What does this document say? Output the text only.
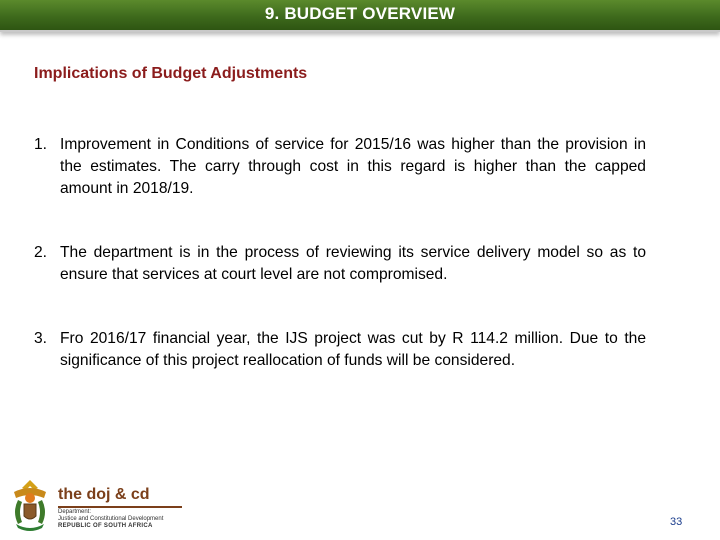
9. BUDGET OVERVIEW
Implications of Budget Adjustments
1. Improvement in Conditions of service for 2015/16 was higher than the provision in the estimates. The carry through cost in this regard is higher than the capped amount in 2018/19.
2. The department is in the process of reviewing its service delivery model so as to ensure that services at court level are not compromised.
3. Fro 2016/17 financial year, the IJS project was cut by R 114.2 million. Due to the significance of this project reallocation of funds will be considered.
the doj & cd
Department:
Justice and Constitutional Development
REPUBLIC OF SOUTH AFRICA	33
